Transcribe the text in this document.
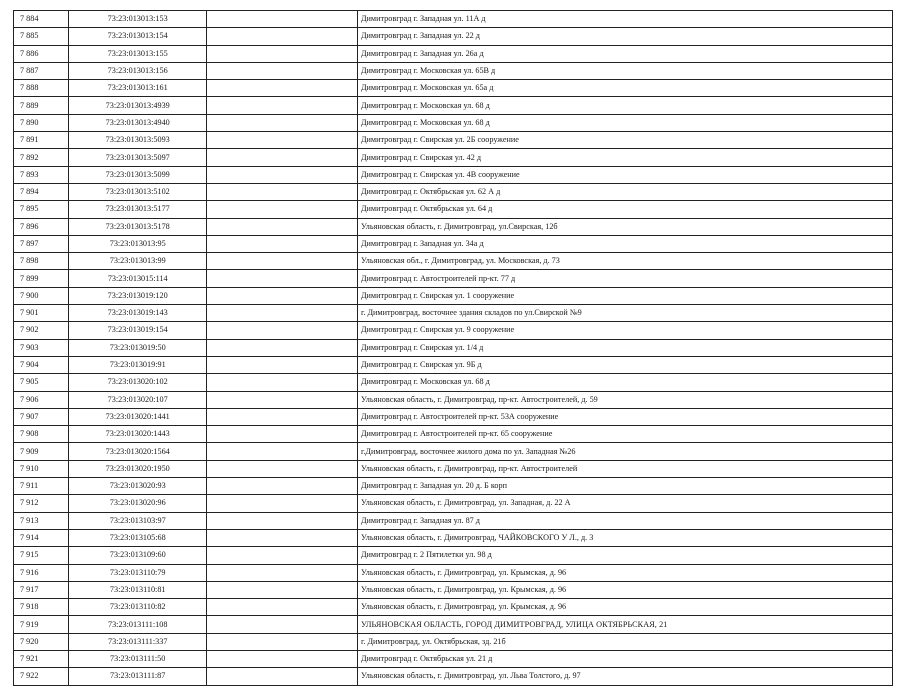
7 884	73:23:013013:153		Димитровград г. Западная ул. 11А д
7 885	73:23:013013:154		Димитровград г. Западная ул. 22 д
7 886	73:23:013013:155		Димитровград г. Западная ул. 26а д
7 887	73:23:013013:156		Димитровград г. Московская ул. 65В д
7 888	73:23:013013:161		Димитровград г. Московская ул. 65а д
7 889	73:23:013013:4939		Димитровград г. Московская ул. 68 д
7 890	73:23:013013:4940		Димитровград г. Московская ул. 68 д
7 891	73:23:013013:5093		Димитровград г. Свирская ул. 2Б сооружение
7 892	73:23:013013:5097		Димитровград г. Свирская ул. 42 д
7 893	73:23:013013:5099		Димитровград г. Свирская ул. 4В сооружение
7 894	73:23:013013:5102		Димитровград г. Октябрьская ул. 62 А д
7 895	73:23:013013:5177		Димитровград г. Октябрьская ул. 64 д
7 896	73:23:013013:5178		Ульяновская область, г. Димитровград, ул.Свирская, 12б
7 897	73:23:013013:95		Димитровград г. Западная ул. 34а д
7 898	73:23:013013:99		Ульяновская обл., г. Димитровград, ул. Московская, д. 73
7 899	73:23:013015:114		Димитровград г. Автостроителей пр-кт. 77 д
7 900	73:23:013019:120		Димитровград г. Свирская ул. 1 сооружение
7 901	73:23:013019:143		г. Димитровград, восточнее здания складов по ул.Свирской №9
7 902	73:23:013019:154		Димитровград г. Свирская ул. 9 сооружение
7 903	73:23:013019:50		Димитровград г. Свирская ул. 1/4 д
7 904	73:23:013019:91		Димитровград г. Свирская ул. 9Б д
7 905	73:23:013020:102		Димитровград г. Московская ул. 68 д
7 906	73:23:013020:107		Ульяновская область, г. Димитровград, пр-кт. Автостроителей, д. 59
7 907	73:23:013020:1441		Димитровград г. Автостроителей пр-кт. 53А сооружение
7 908	73:23:013020:1443		Димитровград г. Автостроителей пр-кт. 65 сооружение
7 909	73:23:013020:1564		г.Димитровград, восточнее жилого дома по ул. Западная №26
7 910	73:23:013020:1950		Ульяновская область, г. Димитровград, пр-кт. Автостроителей
7 911	73:23:013020:93		Димитровград г. Западная ул. 20 д. Б корп
7 912	73:23:013020:96		Ульяновская область, г. Димитровград, ул. Западная, д. 22 А
7 913	73:23:013103:97		Димитровград г. Западная ул. 87 д
7 914	73:23:013105:68		Ульяновская область, г. Димитровград, ЧАЙКОВСКОГО У Л., д. 3
7 915	73:23:013109:60		Димитровград г. 2 Пятилетки ул. 98 д
7 916	73:23:013110:79		Ульяновская область, г. Димитровград, ул. Крымская, д. 96
7 917	73:23:013110:81		Ульяновская область, г. Димитровград, ул. Крымская, д. 96
7 918	73:23:013110:82		Ульяновская область, г. Димитровград, ул. Крымская, д. 96
7 919	73:23:013111:108		УЛЬЯНОВСКАЯ ОБЛАСТЬ, ГОРОД ДИМИТРОВГРАД, УЛИЦА ОКТЯБРЬСКАЯ, 21
7 920	73:23:013111:337		г. Димитровград, ул. Октябрьская, зд. 21б
7 921	73:23:013111:50		Димитровград г. Октябрьская ул. 21 д
7 922	73:23:013111:87		Ульяновская область, г. Димитровград, ул. Льва Толстого, д. 97
